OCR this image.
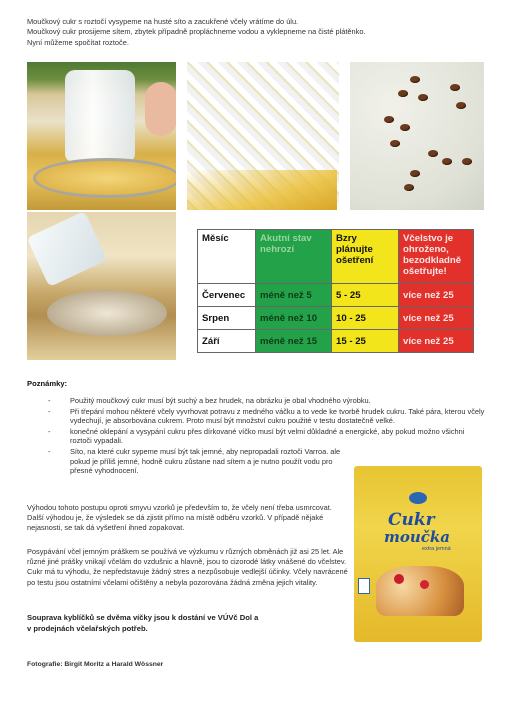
Moučkový cukr s roztočí vysypeme na husté síto a zacukřené včely vrátíme do úlu.
Moučkový cukr prosijeme sítem, zbytek případně propláchneme vodou a vyklepneme na čisté plátěnko.
Nyní můžeme spočítat roztoče.
Měsíc	Akutní stav nehrozí	Bzry plánujte ošetření	Včelstvo je ohroženo, bezodkladně ošetřujte!

Červenec	méně než 5	5 - 25	více než 25

Srpen	méně než 10	10 - 25	více než 25

Září	méně než 15	15 - 25	více než 25
Poznámky:
- Použitý moučkový cukr musí být suchý a bez hrudek, na obrázku je obal vhodného výrobku.
- Při třepání mohou některé včely vyvrhovat potravu z medného váčku a to vede ke tvorbě hrudek cukru. Také pára, kterou včely vydechují, je absorbována cukrem. Proto musí být množství cukru použité v testu dostatečně velké.
- konečné oklepání a vysypání cukru přes dírkované víčko musí být velmi důkladné a energické, aby pokud možno všichni roztoči vypadali.
- Síto, na které cukr sypeme musí být tak jemné, aby nepropadali roztoči Varroa. ale pokud je příliš jemné, hodně cukru zůstane nad sítem a je nutno použít vodu pro přesné vyhodnocení.
Výhodou tohoto postupu oproti smyvu vzorků je především to, že včely není třeba usmrcovat. Další výhodou je, že výsledek se dá zjistit přímo na místě odběru vzorků. V případě nějaké nejasnosti, se tak dá vyšetření ihned zopakovat.
Posypávání včel jemným práškem se používá ve výzkumu v různých obměnách již asi 25 let. Ale různé jiné prášky vnikají včelám do vzdušnic a hlavně, jsou to cizorodé látky vnášené do včelstev. Cukr má tu výhodu, že nepředstavuje žádný stres a nezpůsobuje vedlejší účinky. Včely navrácené po testu jsou ostatními včelami očištěny a nebyla pozorována žádná změna jejich vitality.
Souprava kyblíčků se dvěma víčky jsou k dostání ve VÚVč Dol a
v prodejnách včelařských potřeb.
Fotografie: Birgit Moritz a Harald Wössner
Cukr
moučka
extra jemná
